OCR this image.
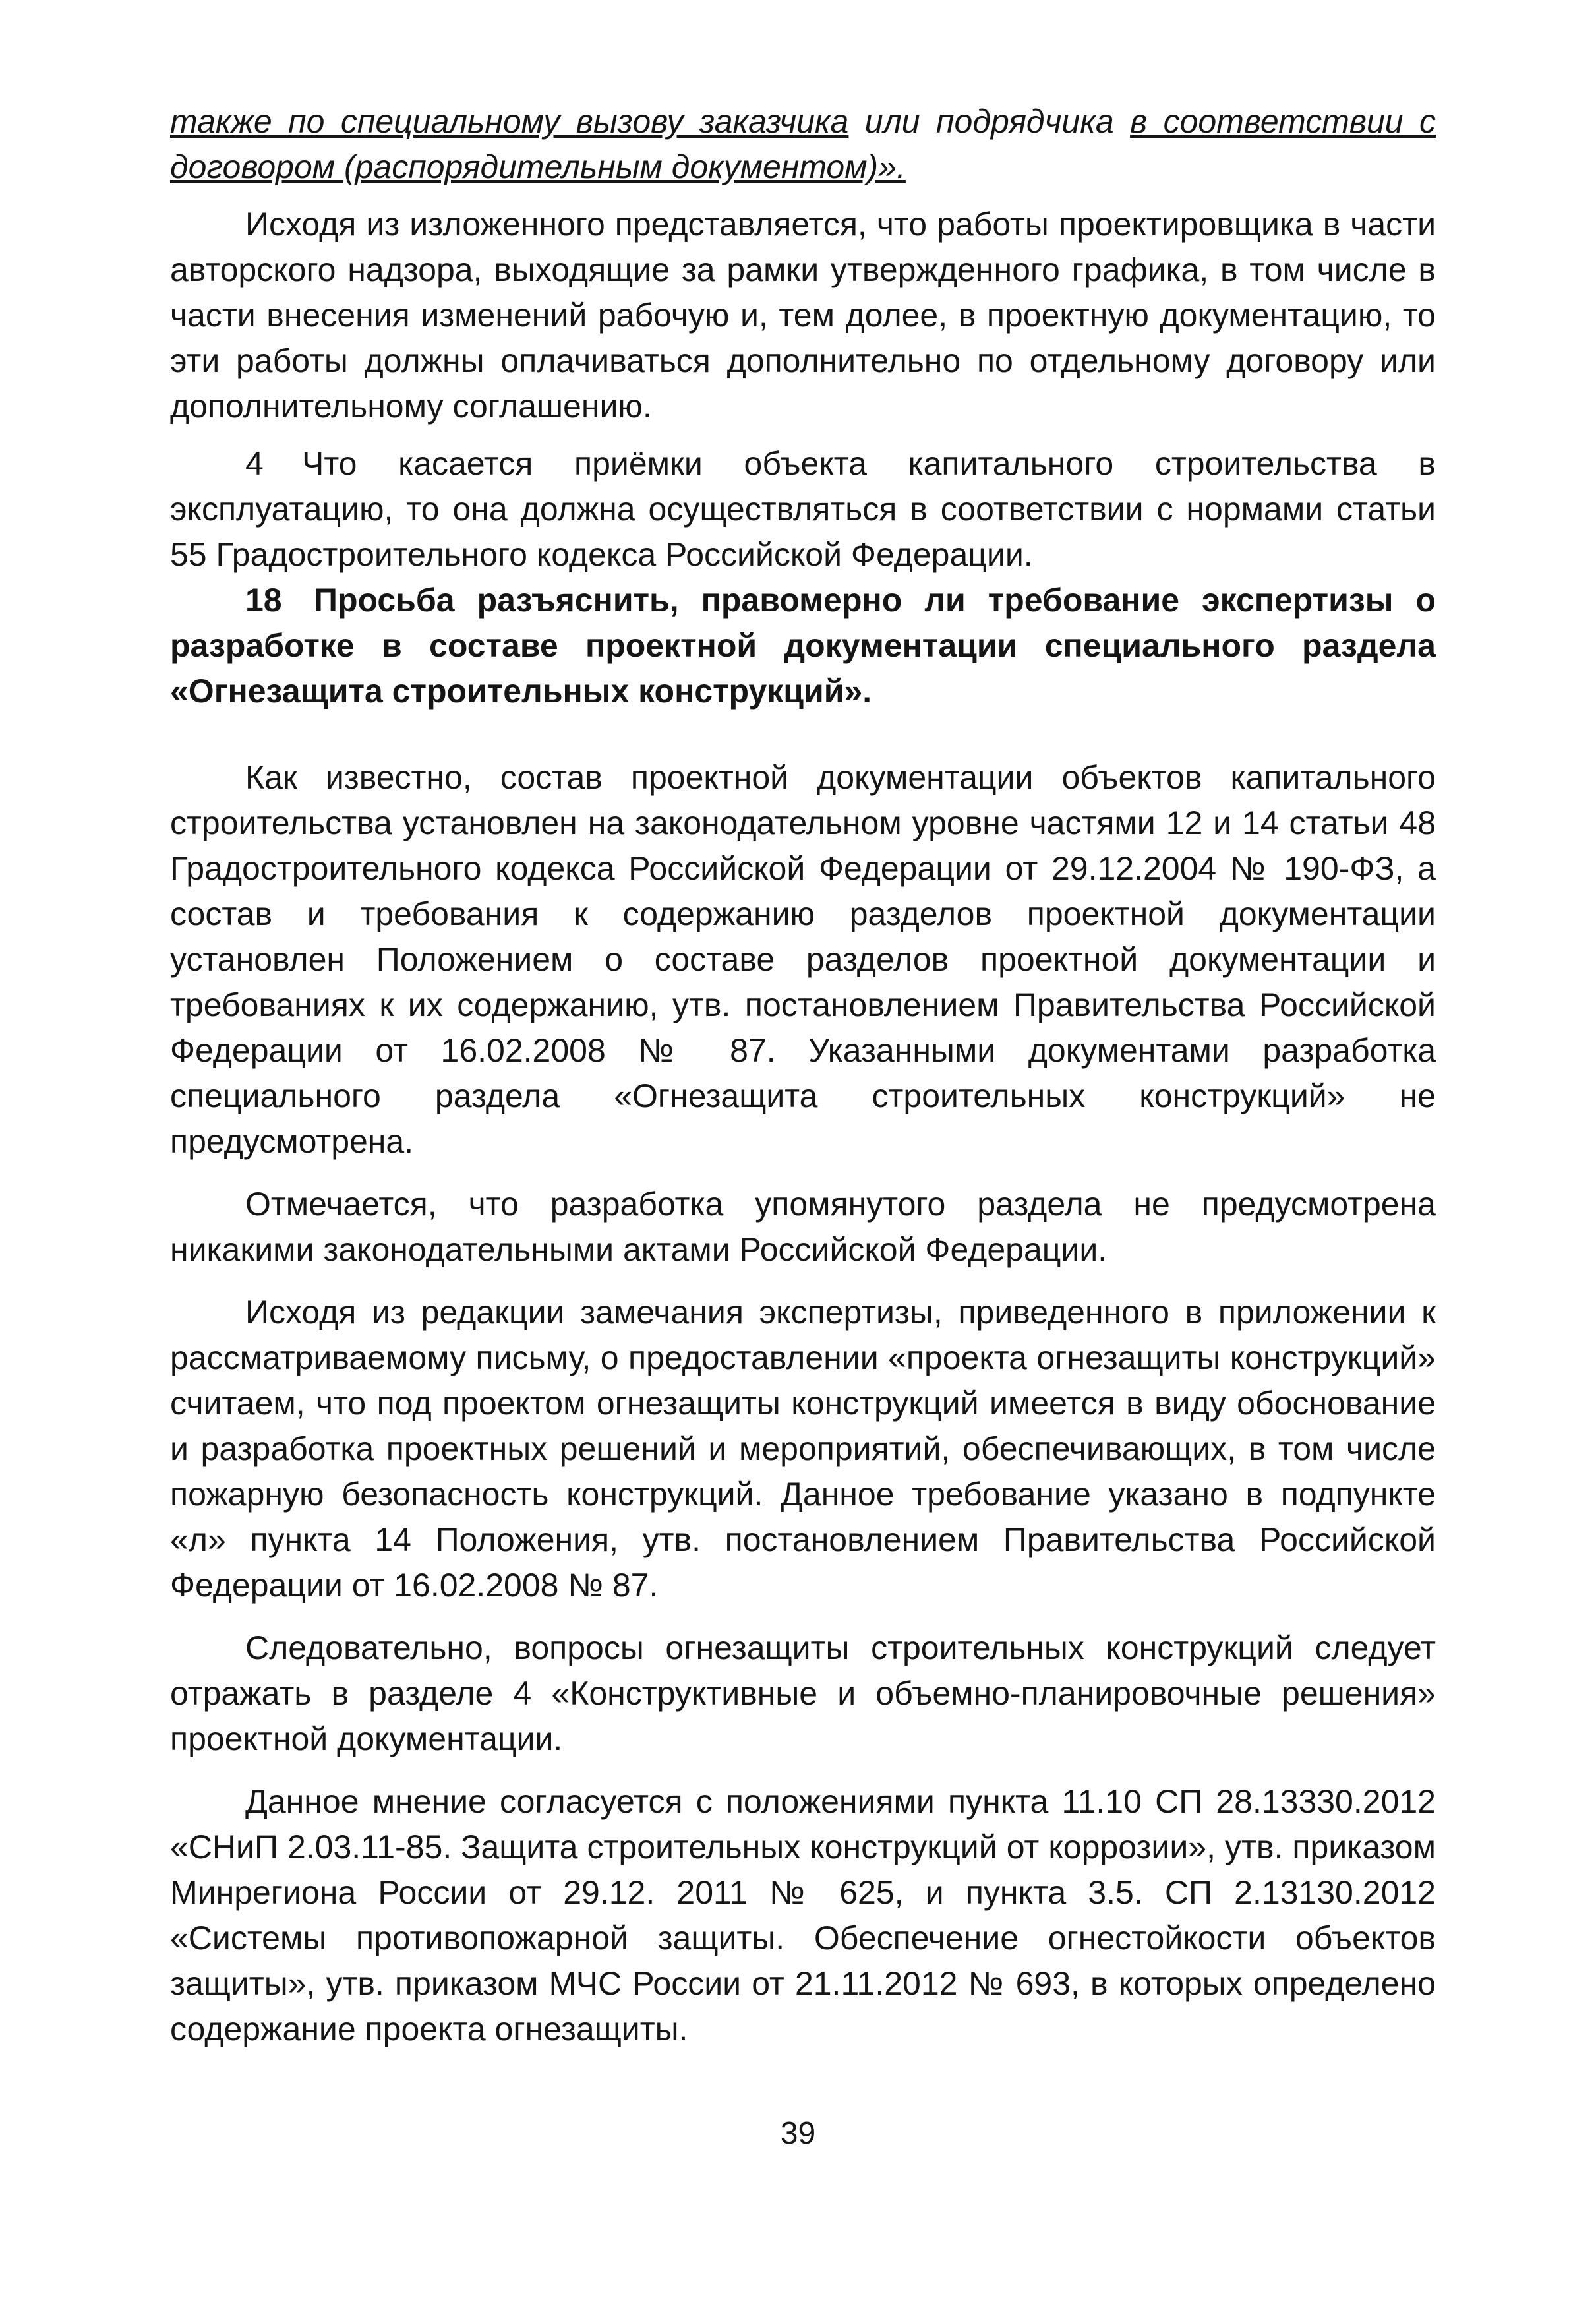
также по специальному вызову заказчика или подрядчика в соответствии с договором (распорядительным документом)».

Исходя из изложенного представляется, что работы проектировщика в части авторского надзора, выходящие за рамки утвержденного графика, в том числе в части внесения изменений рабочую и, тем долее, в проектную документацию, то эти работы должны оплачиваться дополнительно по отдельному договору или дополнительному соглашению.

4 Что касается приёмки объекта капитального строительства в эксплуатацию, то она должна осуществляться в соответствии с нормами статьи 55 Градостроительного кодекса Российской Федерации.

18 Просьба разъяснить, правомерно ли требование экспертизы о разработке в составе проектной документации специального раздела «Огнезащита строительных конструкций».

Как известно, состав проектной документации объектов капитального строительства установлен на законодательном уровне частями 12 и 14 статьи 48 Градостроительного кодекса Российской Федерации от 29.12.2004 № 190-ФЗ, а состав и требования к содержанию разделов проектной документации установлен Положением о составе разделов проектной документации и требованиях к их содержанию, утв. постановлением Правительства Российской Федерации от 16.02.2008 № 87. Указанными документами разработка специального раздела «Огнезащита строительных конструкций» не предусмотрена.

Отмечается, что разработка упомянутого раздела не предусмотрена никакими законодательными актами Российской Федерации.

Исходя из редакции замечания экспертизы, приведенного в приложении к рассматриваемому письму, о предоставлении «проекта огнезащиты конструкций» считаем, что под проектом огнезащиты конструкций имеется в виду обоснование и разработка проектных решений и мероприятий, обеспечивающих, в том числе пожарную безопасность конструкций. Данное требование указано в подпункте «л» пункта 14 Положения, утв. постановлением Правительства Российской Федерации от 16.02.2008 № 87.

Следовательно, вопросы огнезащиты строительных конструкций следует отражать в разделе 4 «Конструктивные и объемно-планировочные решения» проектной документации.

Данное мнение согласуется с положениями пункта 11.10 СП 28.13330.2012 «СНиП 2.03.11-85. Защита строительных конструкций от коррозии», утв. приказом Минрегиона России от 29.12. 2011 № 625, и пункта 3.5. СП 2.13130.2012 «Системы противопожарной защиты. Обеспечение огнестойкости объектов защиты», утв. приказом МЧС России от 21.11.2012 № 693, в которых определено содержание проекта огнезащиты.

39
